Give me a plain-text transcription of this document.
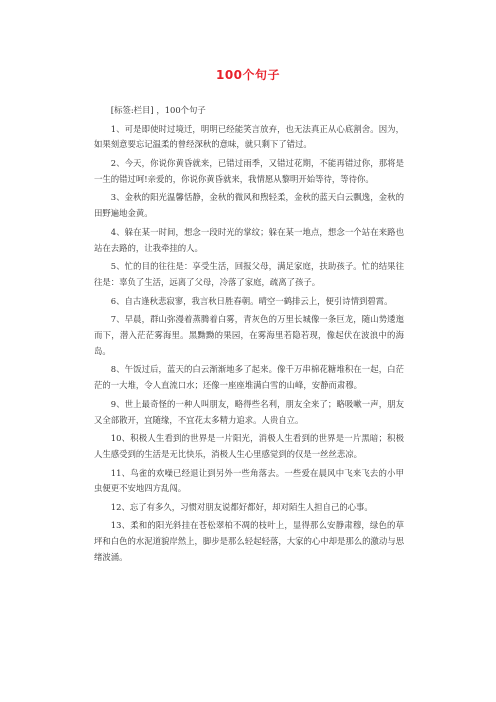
100个句子

[标签:栏目] ，100个句子

1、可是即使时过境迁，明明已经能笑言放弃，也无法真正从心底割舍。因为，如果刻意要忘记温柔的曾经深秋的意味，就只剩下了错过。

2、今天，你说你黄昏就来，已错过雨季，又错过花期，不能再错过你，那将是一生的错过呵!亲爱的，你说你黄昏就来，我情愿从黎明开始等待，等待你。

3、金秋的阳光温馨恬静，金秋的微风和煦轻柔，金秋的蓝天白云飘逸，金秋的田野遍地金黄。

4、躲在某一时间，想念一段时光的掌纹；躲在某一地点，想念一个站在来路也站在去路的，让我牵挂的人。

5、忙的目的往往是：享受生活，回报父母，满足家庭，扶助孩子。忙的结果往往是：辜负了生活，远离了父母，冷落了家庭，疏离了孩子。

6、自古逢秋悲寂寥，我言秋日胜春朝。晴空一鹤排云上，便引诗情到碧霄。

7、早晨，群山弥漫着蒸腾着白雾，青灰色的万里长城像一条巨龙，随山势逶迤而下，潜入茫茫雾海里。黑黝黝的果园，在雾海里若隐若现，像起伏在波浪中的海岛。

8、午饭过后，蓝天的白云渐渐地多了起来。像千万串棉花糖堆积在一起，白茫茫的一大堆，令人直流口水；还像一座座堆满白雪的山峰，安静而肃穆。

9、世上最奇怪的一种人叫朋友，略得些名利，朋友全来了；略吸嗽一声，朋友又全部散开，宜随缘，不宜花太多精力追求。人贵自立。

10、积极人生看到的世界是一片阳光，消极人生看到的世界是一片黑暗；积极人生感受到的生活是无比快乐，消极人生心里感觉到的仅是一丝丝悲凉。

11、鸟雀的欢噪已经退让到另外一些角落去。一些爱在晨风中飞来飞去的小甲虫便更不安地四方乱闯。

12、忘了有多久，习惯对朋友说都好都好，却对陌生人担自己的心事。

13、柔和的阳光斜挂在苍松翠柏不凋的枝叶上，显得那么安静肃穆，绿色的草坪和白色的水泥道貌岸然上，脚步是那么轻起轻落，大家的心中却是那么的激动与思绪波涌。
